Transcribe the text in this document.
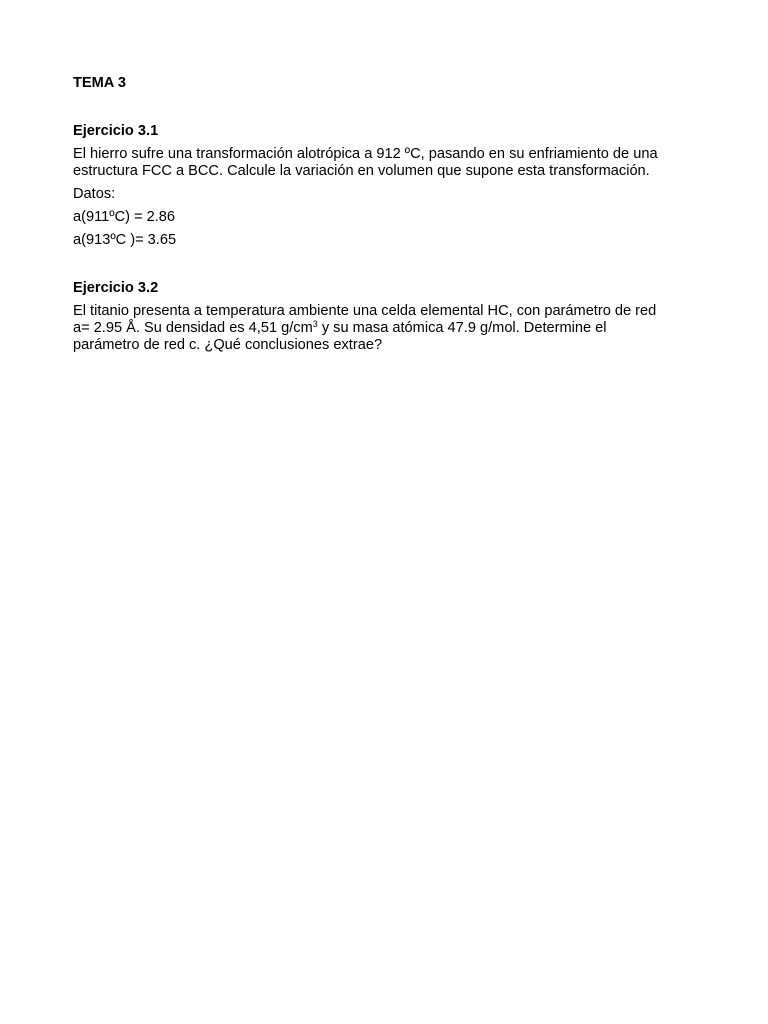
TEMA 3
Ejercicio 3.1
El hierro sufre una transformación alotrópica a 912 ºC, pasando en su enfriamiento de una
estructura FCC a BCC. Calcule la variación en volumen que supone esta transformación.
Datos:
a(911ºC) = 2.86
a(913ºC )= 3.65
Ejercicio 3.2
El titanio presenta a temperatura ambiente una celda elemental HC, con parámetro de red
a= 2.95 Å. Su densidad es 4,51 $g/cm^3$ y su masa atómica 47.9 g/mol. Determine el
parámetro de red c. ¿Qué conclusiones extrae?
